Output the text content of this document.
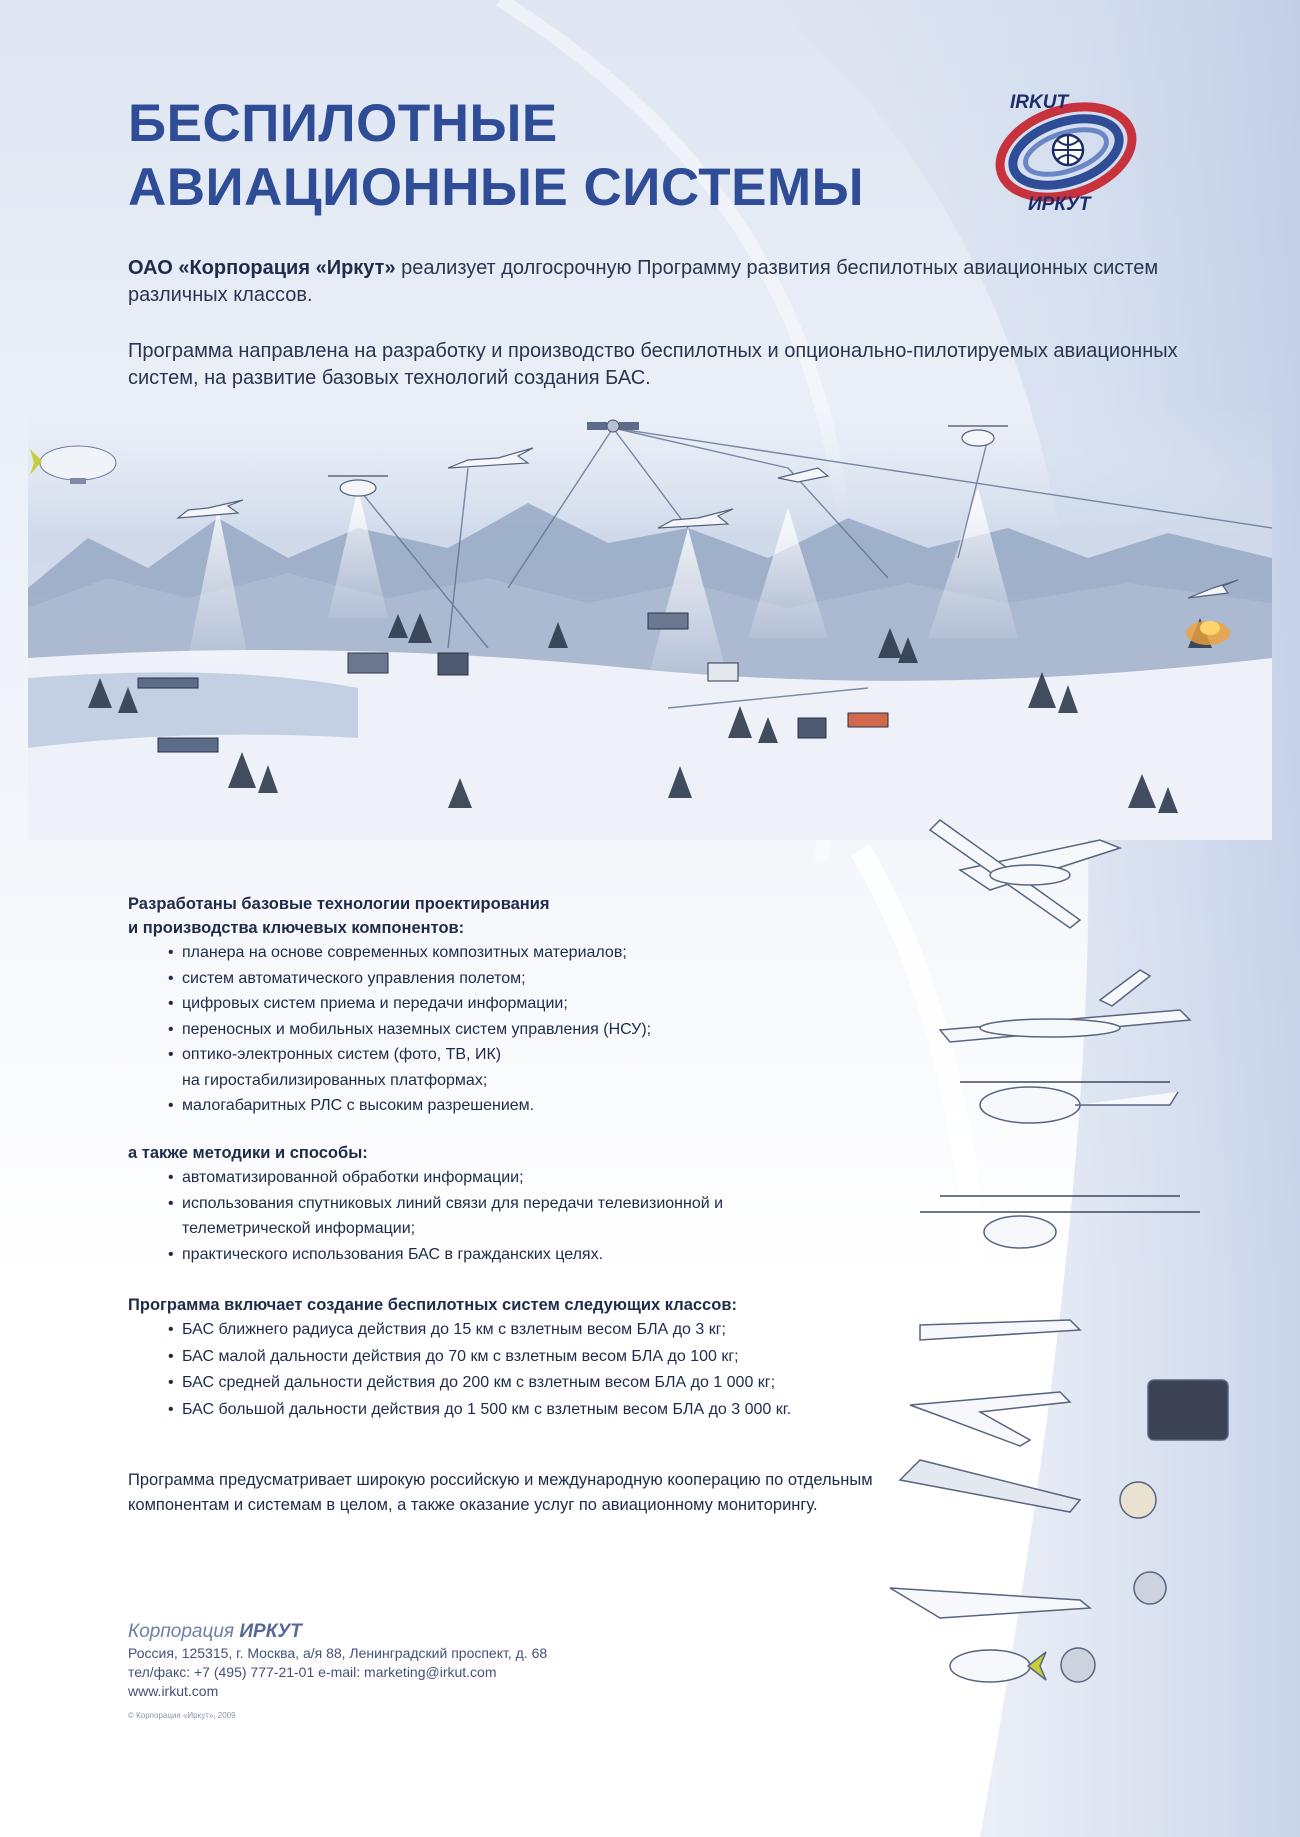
БЕСПИЛОТНЫЕ
АВИАЦИОННЫЕ СИСТЕМЫ
IRKUT
ИРКУТ

ОАО «Корпорация «Иркут» реализует долгосрочную Программу развития беспилотных авиационных систем различных классов.

Программа направлена на разработку и производство беспилотных и опционально-пилотируемых авиационных систем, на развитие базовых технологий создания БАС.

Разработаны базовые технологии проектирования
и производства ключевых компонентов:
• планера на основе современных композитных материалов;
• систем автоматического управления полетом;
• цифровых систем приема и передачи информации;
• переносных и мобильных наземных систем управления (НСУ);
• оптико-электронных систем (фото, ТВ, ИК)
на гиростабилизированных платформах;
• малогабаритных РЛС с высоким разрешением.
а также методики и способы:
• автоматизированной обработки информации;
• использования спутниковых линий связи для передачи телевизионной и
телеметрической информации;
• практического использования БАС в гражданских целях.
Программа включает создание беспилотных систем следующих классов:
• БАС ближнего радиуса действия до 15 км с взлетным весом БЛА до 3 кг;
• БАС малой дальности действия до 70 км с взлетным весом БЛА до 100 кг;
• БАС средней дальности действия до 200 км с взлетным весом БЛА до 1 000 кг;
• БАС большой дальности действия до 1 500 км с взлетным весом БЛА до 3 000 кг.

Программа предусматривает широкую российскую и международную кооперацию по отдельным компонентам и системам в целом, а также оказание услуг по авиационному мониторингу.

Корпорация ИРКУТ
Россия, 125315, г. Москва, а/я 88, Ленинградский проспект, д. 68
тел/факс: +7 (495) 777-21-01 e-mail: marketing@irkut.com
www.irkut.com
© Корпорация «Иркут», 2009
